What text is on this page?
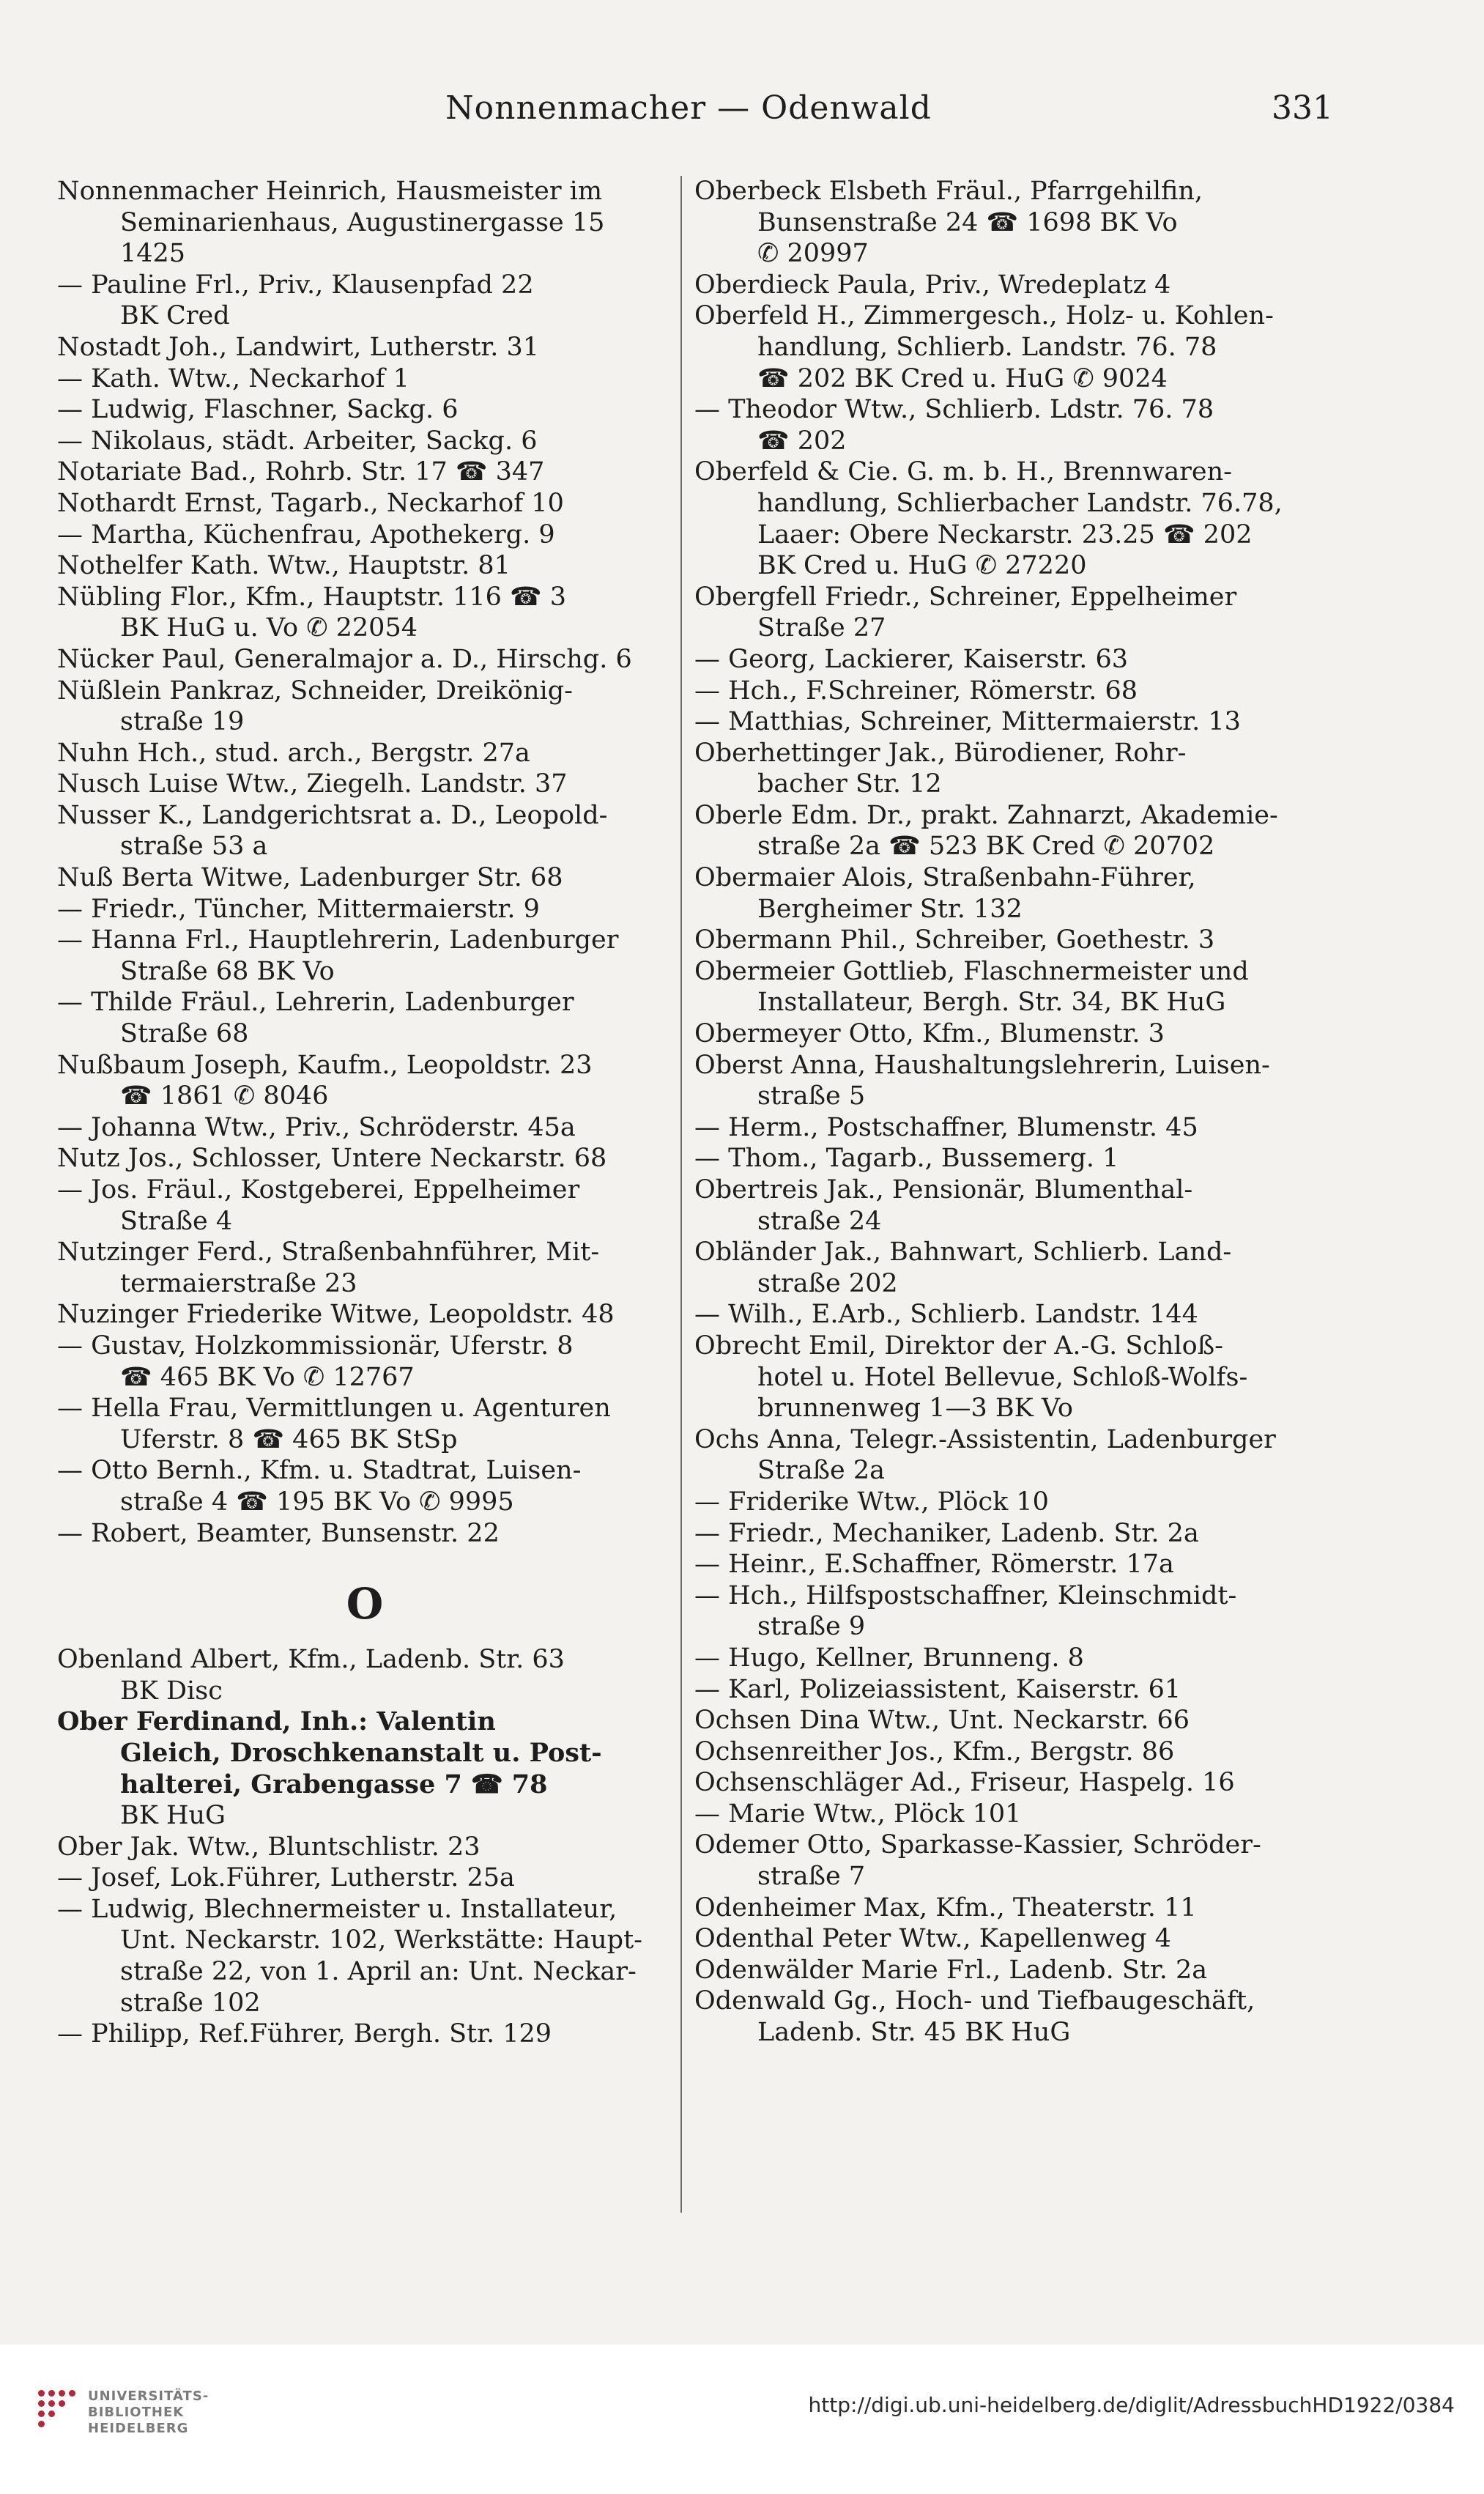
Nonnenmacher — Odenwald	331
Nonnenmacher Heinrich, Hausmeister im
Seminarienhaus, Augustinergasse 15
1425
— Pauline Frl., Priv., Klausenpfad 22
BK Cred
Nostadt Joh., Landwirt, Lutherstr. 31
— Kath. Wtw., Neckarhof 1
— Ludwig, Flaschner, Sackg. 6
— Nikolaus, städt. Arbeiter, Sackg. 6
Notariate Bad., Rohrb. Str. 17 ☎ 347
Nothardt Ernst, Tagarb., Neckarhof 10
— Martha, Küchenfrau, Apothekerg. 9
Nothelfer Kath. Wtw., Hauptstr. 81
Nübling Flor., Kfm., Hauptstr. 116 ☎ 3
BK HuG u. Vo ✆ 22054
Nücker Paul, Generalmajor a. D., Hirschg. 6
Nüßlein Pankraz, Schneider, Dreikönig-
straße 19
Nuhn Hch., stud. arch., Bergstr. 27a
Nusch Luise Wtw., Ziegelh. Landstr. 37
Nusser K., Landgerichtsrat a. D., Leopold-
straße 53 a
Nuß Berta Witwe, Ladenburger Str. 68
— Friedr., Tüncher, Mittermaierstr. 9
— Hanna Frl., Hauptlehrerin, Ladenburger
Straße 68 BK Vo
— Thilde Fräul., Lehrerin, Ladenburger
Straße 68
Nußbaum Joseph, Kaufm., Leopoldstr. 23
☎ 1861 ✆ 8046
— Johanna Wtw., Priv., Schröderstr. 45a
Nutz Jos., Schlosser, Untere Neckarstr. 68
— Jos. Fräul., Kostgeberei, Eppelheimer
Straße 4
Nutzinger Ferd., Straßenbahnführer, Mit-
termaierstraße 23
Nuzinger Friederike Witwe, Leopoldstr. 48
— Gustav, Holzkommissionär, Uferstr. 8
☎ 465 BK Vo ✆ 12767
— Hella Frau, Vermittlungen u. Agenturen
Uferstr. 8 ☎ 465 BK StSp
— Otto Bernh., Kfm. u. Stadtrat, Luisen-
straße 4 ☎ 195 BK Vo ✆ 9995
— Robert, Beamter, Bunsenstr. 22
O
Obenland Albert, Kfm., Ladenb. Str. 63
BK Disc
Ober Ferdinand, Inh.: Valentin
Gleich, Droschkenanstalt u. Post-
halterei, Grabengasse 7 ☎ 78
BK HuG
Ober Jak. Wtw., Bluntschlistr. 23
— Josef, Lok.Führer, Lutherstr. 25a
— Ludwig, Blechnermeister u. Installateur,
Unt. Neckarstr. 102, Werkstätte: Haupt-
straße 22, von 1. April an: Unt. Neckar-
straße 102
— Philipp, Ref.Führer, Bergh. Str. 129
Oberbeck Elsbeth Fräul., Pfarrgehilfin,
Bunsenstraße 24 ☎ 1698 BK Vo
✆ 20997
Oberdieck Paula, Priv., Wredeplatz 4
Oberfeld H., Zimmergesch., Holz- u. Kohlen-
handlung, Schlierb. Landstr. 76. 78
☎ 202 BK Cred u. HuG ✆ 9024
— Theodor Wtw., Schlierb. Ldstr. 76. 78
☎ 202
Oberfeld & Cie. G. m. b. H., Brennwaren-
handlung, Schlierbacher Landstr. 76.78,
Laaer: Obere Neckarstr. 23.25 ☎ 202
BK Cred u. HuG ✆ 27220
Obergfell Friedr., Schreiner, Eppelheimer
Straße 27
— Georg, Lackierer, Kaiserstr. 63
— Hch., F.Schreiner, Römerstr. 68
— Matthias, Schreiner, Mittermaierstr. 13
Oberhettinger Jak., Bürodiener, Rohr-
bacher Str. 12
Oberle Edm. Dr., prakt. Zahnarzt, Akademie-
straße 2a ☎ 523 BK Cred ✆ 20702
Obermaier Alois, Straßenbahn-Führer,
Bergheimer Str. 132
Obermann Phil., Schreiber, Goethestr. 3
Obermeier Gottlieb, Flaschnermeister und
Installateur, Bergh. Str. 34, BK HuG
Obermeyer Otto, Kfm., Blumenstr. 3
Oberst Anna, Haushaltungslehrerin, Luisen-
straße 5
— Herm., Postschaffner, Blumenstr. 45
— Thom., Tagarb., Bussemerg. 1
Obertreis Jak., Pensionär, Blumenthal-
straße 24
Obländer Jak., Bahnwart, Schlierb. Land-
straße 202
— Wilh., E.Arb., Schlierb. Landstr. 144
Obrecht Emil, Direktor der A.-G. Schloß-
hotel u. Hotel Bellevue, Schloß-Wolfs-
brunnenweg 1—3 BK Vo
Ochs Anna, Telegr.-Assistentin, Ladenburger
Straße 2a
— Friderike Wtw., Plöck 10
— Friedr., Mechaniker, Ladenb. Str. 2a
— Heinr., E.Schaffner, Römerstr. 17a
— Hch., Hilfspostschaffner, Kleinschmidt-
straße 9
— Hugo, Kellner, Brunneng. 8
— Karl, Polizeiassistent, Kaiserstr. 61
Ochsen Dina Wtw., Unt. Neckarstr. 66
Ochsenreither Jos., Kfm., Bergstr. 86
Ochsenschläger Ad., Friseur, Haspelg. 16
— Marie Wtw., Plöck 101
Odemer Otto, Sparkasse-Kassier, Schröder-
straße 7
Odenheimer Max, Kfm., Theaterstr. 11
Odenthal Peter Wtw., Kapellenweg 4
Odenwälder Marie Frl., Ladenb. Str. 2a
Odenwald Gg., Hoch- und Tiefbaugeschäft,
Ladenb. Str. 45 BK HuG
UNIVERSITÄTS-
BIBLIOTHEK
HEIDELBERG
http://digi.ub.uni-heidelberg.de/diglit/AdressbuchHD1922/0384
